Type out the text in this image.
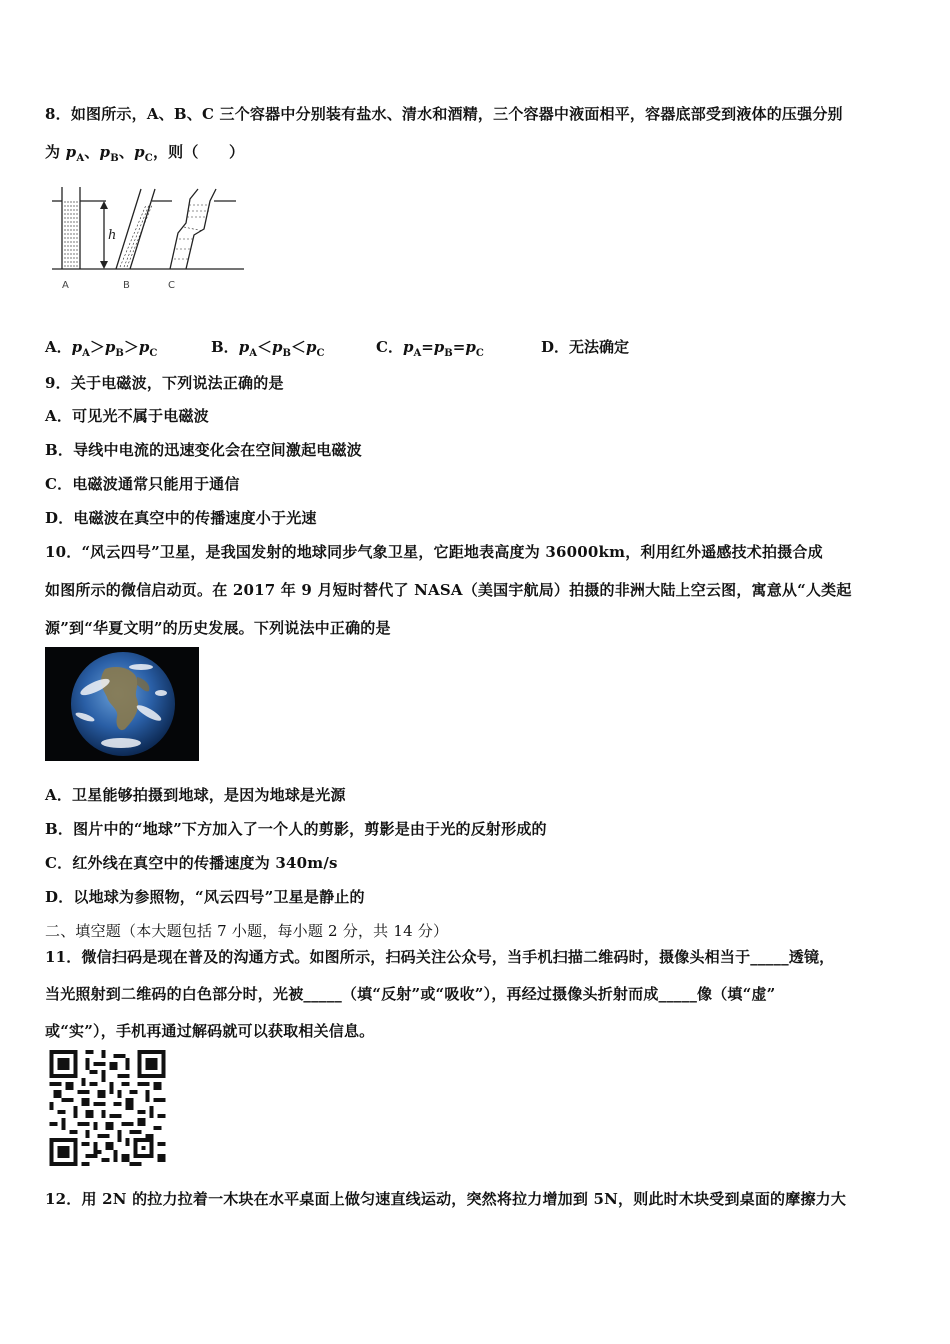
8．如图所示，A、B、C 三个容器中分别装有盐水、清水和酒精，三个容器中液面相平，容器底部受到液体的压强分别
为 $p_A$、$p_B$、$p_C$，则（　　）
h
A	B	C
A．$p_A>p_B>p_C$	B．$p_A<p_B<p_C$	C．$p_A=p_B=p_C$	D．无法确定
9．关于电磁波，下列说法正确的是
A．可见光不属于电磁波
B．导线中电流的迅速变化会在空间激起电磁波
C．电磁波通常只能用于通信
D．电磁波在真空中的传播速度小于光速
10．“风云四号”卫星，是我国发射的地球同步气象卫星，它距地表高度为 36000km，利用红外遥感技术拍摄合成
如图所示的微信启动页。在 2017 年 9 月短时替代了 NASA（美国宇航局）拍摄的非洲大陆上空云图，寓意从“人类起
源”到“华夏文明”的历史发展。下列说法中正确的是
A．卫星能够拍摄到地球，是因为地球是光源
B．图片中的“地球”下方加入了一个人的剪影，剪影是由于光的反射形成的
C．红外线在真空中的传播速度为 340m/s
D．以地球为参照物，“风云四号”卫星是静止的
二、填空题（本大题包括 7 小题，每小题 2 分，共 14 分）
11．微信扫码是现在普及的沟通方式。如图所示，扫码关注公众号，当手机扫描二维码时，摄像头相当于_____透镜，
当光照射到二维码的白色部分时，光被_____（填“反射”或“吸收”），再经过摄像头折射而成_____像（填“虚”
或“实”），手机再通过解码就可以获取相关信息。
12．用 2N 的拉力拉着一木块在水平桌面上做匀速直线运动，突然将拉力增加到 5N，则此时木块受到桌面的摩擦力大
